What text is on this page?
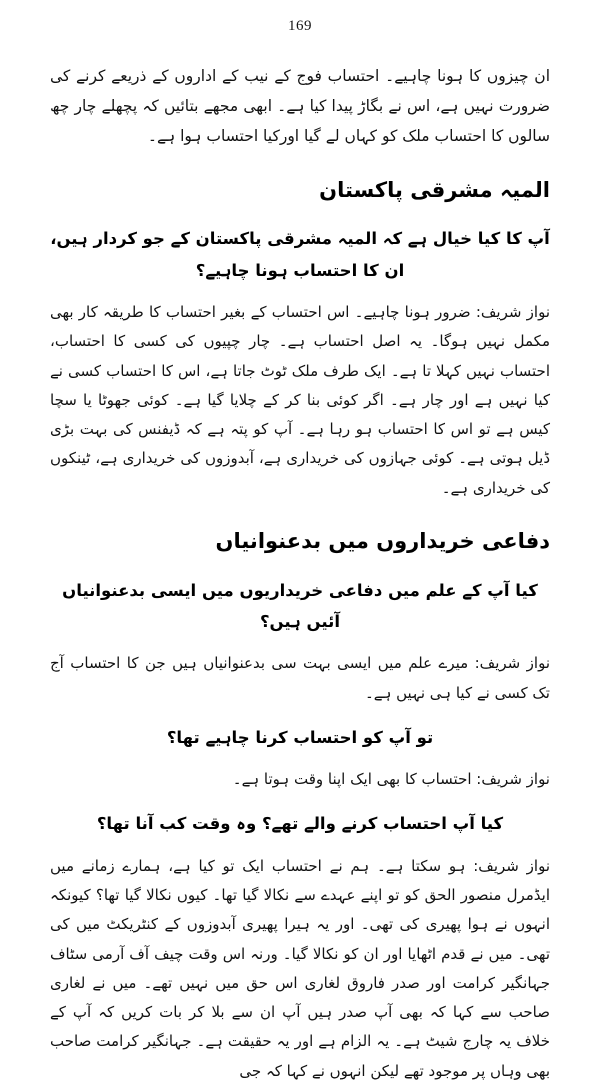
169

ان چیزوں کا ہونا چاہیے۔ احتساب فوج کے نیب کے اداروں کے ذریعے کرنے کی ضرورت نہیں ہے، اس نے بگاڑ پیدا کیا ہے۔ ابھی مجھے بتائیں کہ پچھلے چار چھ سالوں کا احتساب ملک کو کہاں لے گیا اورکیا احتساب ہوا ہے۔

المیہ مشرقی پاکستان

آپ کا کیا خیال ہے کہ المیہ مشرقی پاکستان کے جو کردار ہیں، ان کا احتساب ہونا چاہیے؟

نواز شریف: ضرور ہونا چاہیے۔ اس احتساب کے بغیر احتساب کا طریقہ کار بھی مکمل نہیں ہوگا۔ یہ اصل احتساب ہے۔ چار چپیوں کی کسی کا احتساب، احتساب نہیں کہلا تا ہے۔ ایک طرف ملک ٹوٹ جاتا ہے، اس کا احتساب کسی نے کیا نہیں ہے اور چار ہے۔ اگر کوئی بنا کر کے چلایا گیا ہے۔ کوئی جھوٹا یا سچا کیس ہے تو اس کا احتساب ہو رہا ہے۔ آپ کو پتہ ہے کہ ڈیفنس کی بہت بڑی ڈیل ہوتی ہے۔ کوئی جہازوں کی خریداری ہے، آبدوزوں کی خریداری ہے، ٹینکوں کی خریداری ہے۔

دفاعی خریداروں میں بدعنوانیاں

کیا آپ کے علم میں دفاعی خریداریوں میں ایسی بدعنوانیاں آئیں ہیں؟

نواز شریف: میرے علم میں ایسی بہت سی بدعنوانیاں ہیں جن کا احتساب آج تک کسی نے کیا ہی نہیں ہے۔

تو آپ کو احتساب کرنا چاہیے تھا؟

نواز شریف: احتساب کا بھی ایک اپنا وقت ہوتا ہے۔

کیا آپ احتساب کرنے والے تھے؟ وہ وقت کب آنا تھا؟

نواز شریف: ہو سکتا ہے۔ ہم نے احتساب ایک تو کیا ہے، ہمارے زمانے میں ایڈمرل منصور الحق کو تو اپنے عہدے سے نکالا گیا تھا۔ کیوں نکالا گیا تھا؟ کیونکہ انہوں نے ہوا پھیری کی تھی۔ اور یہ ہیرا پھیری آبدوزوں کے کنٹریکٹ میں کی تھی۔ میں نے قدم اٹھایا اور ان کو نکالا گیا۔ ورنہ اس وقت چیف آف آرمی سٹاف جہانگیر کرامت اور صدر فاروق لغاری اس حق میں نہیں تھے۔ میں نے لغاری صاحب سے کہا کہ بھی آپ صدر ہیں آپ ان سے بلا کر بات کریں کہ آپ کے خلاف یہ چارج شیٹ ہے۔ یہ الزام ہے اور یہ حقیقت ہے۔ جہانگیر کرامت صاحب بھی وہاں پر موجود تھے لیکن انہوں نے کہا کہ جی
